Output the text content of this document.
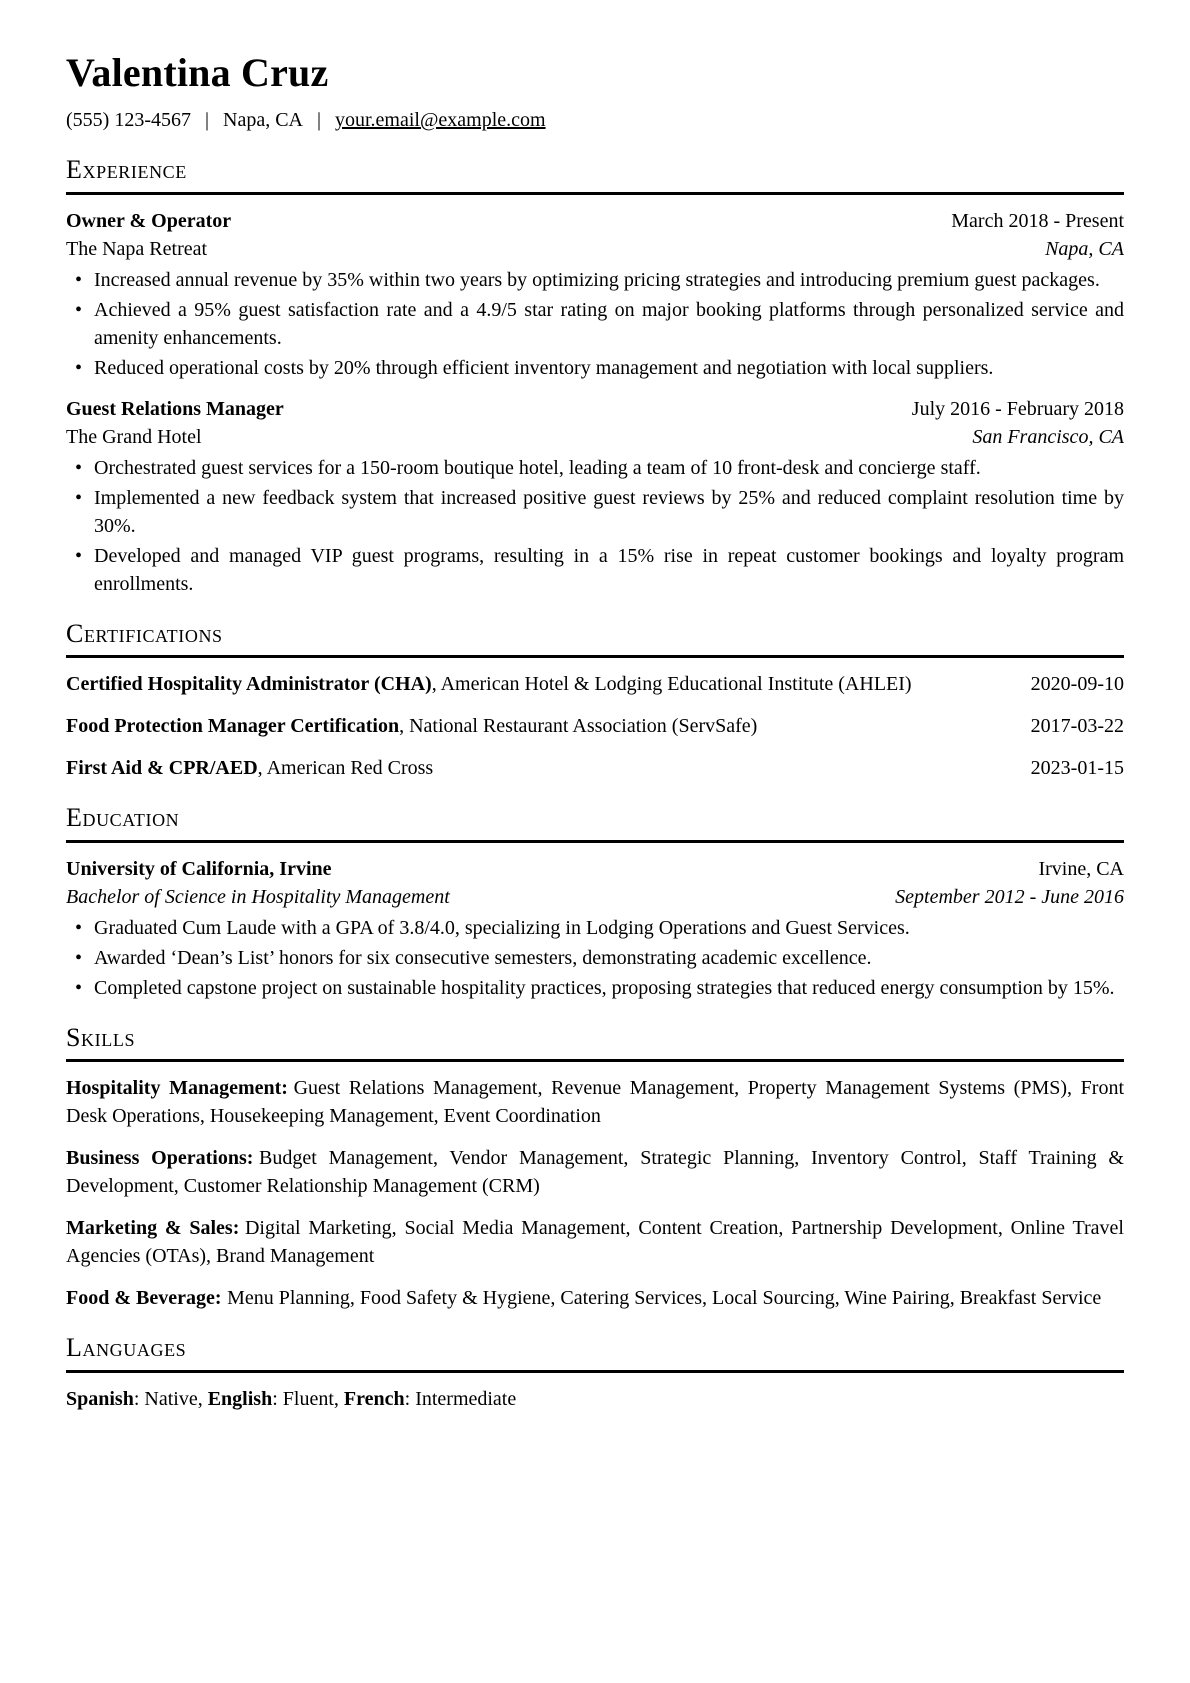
Valentina Cruz
(555) 123-4567 | Napa, CA | your.email@example.com
Experience
Owner & Operator	March 2018 - Present
The Napa Retreat	Napa, CA
• Increased annual revenue by 35% within two years by optimizing pricing strategies and introducing premium guest packages.
• Achieved a 95% guest satisfaction rate and a 4.9/5 star rating on major booking platforms through personalized service and amenity enhancements.
• Reduced operational costs by 20% through efficient inventory management and negotiation with local suppliers.
Guest Relations Manager	July 2016 - February 2018
The Grand Hotel	San Francisco, CA
• Orchestrated guest services for a 150-room boutique hotel, leading a team of 10 front-desk and concierge staff.
• Implemented a new feedback system that increased positive guest reviews by 25% and reduced complaint resolution time by 30%.
• Developed and managed VIP guest programs, resulting in a 15% rise in repeat customer bookings and loyalty program enrollments.
Certifications

Certified Hospitality Administrator (CHA), American Hotel & Lodging Educational Institute (AHLEI)	2020-09-10

Food Protection Manager Certification, National Restaurant Association (ServSafe)	2017-03-22

First Aid & CPR/AED, American Red Cross	2023-01-15
Education
University of California, Irvine	Irvine, CA
Bachelor of Science in Hospitality Management	September 2012 - June 2016
• Graduated Cum Laude with a GPA of 3.8/4.0, specializing in Lodging Operations and Guest Services.
• Awarded ‘Dean’s List’ honors for six consecutive semesters, demonstrating academic excellence.
• Completed capstone project on sustainable hospitality practices, proposing strategies that reduced energy consumption by 15%.
Skills

Hospitality Management: Guest Relations Management, Revenue Management, Property Management Systems (PMS), Front Desk Operations, Housekeeping Management, Event Coordination

Business Operations: Budget Management, Vendor Management, Strategic Planning, Inventory Control, Staff Training & Development, Customer Relationship Management (CRM)

Marketing & Sales: Digital Marketing, Social Media Management, Content Creation, Partnership Development, Online Travel Agencies (OTAs), Brand Management

Food & Beverage: Menu Planning, Food Safety & Hygiene, Catering Services, Local Sourcing, Wine Pairing, Breakfast Service

Languages

Spanish : Native , English : Fluent , French : Intermediate
